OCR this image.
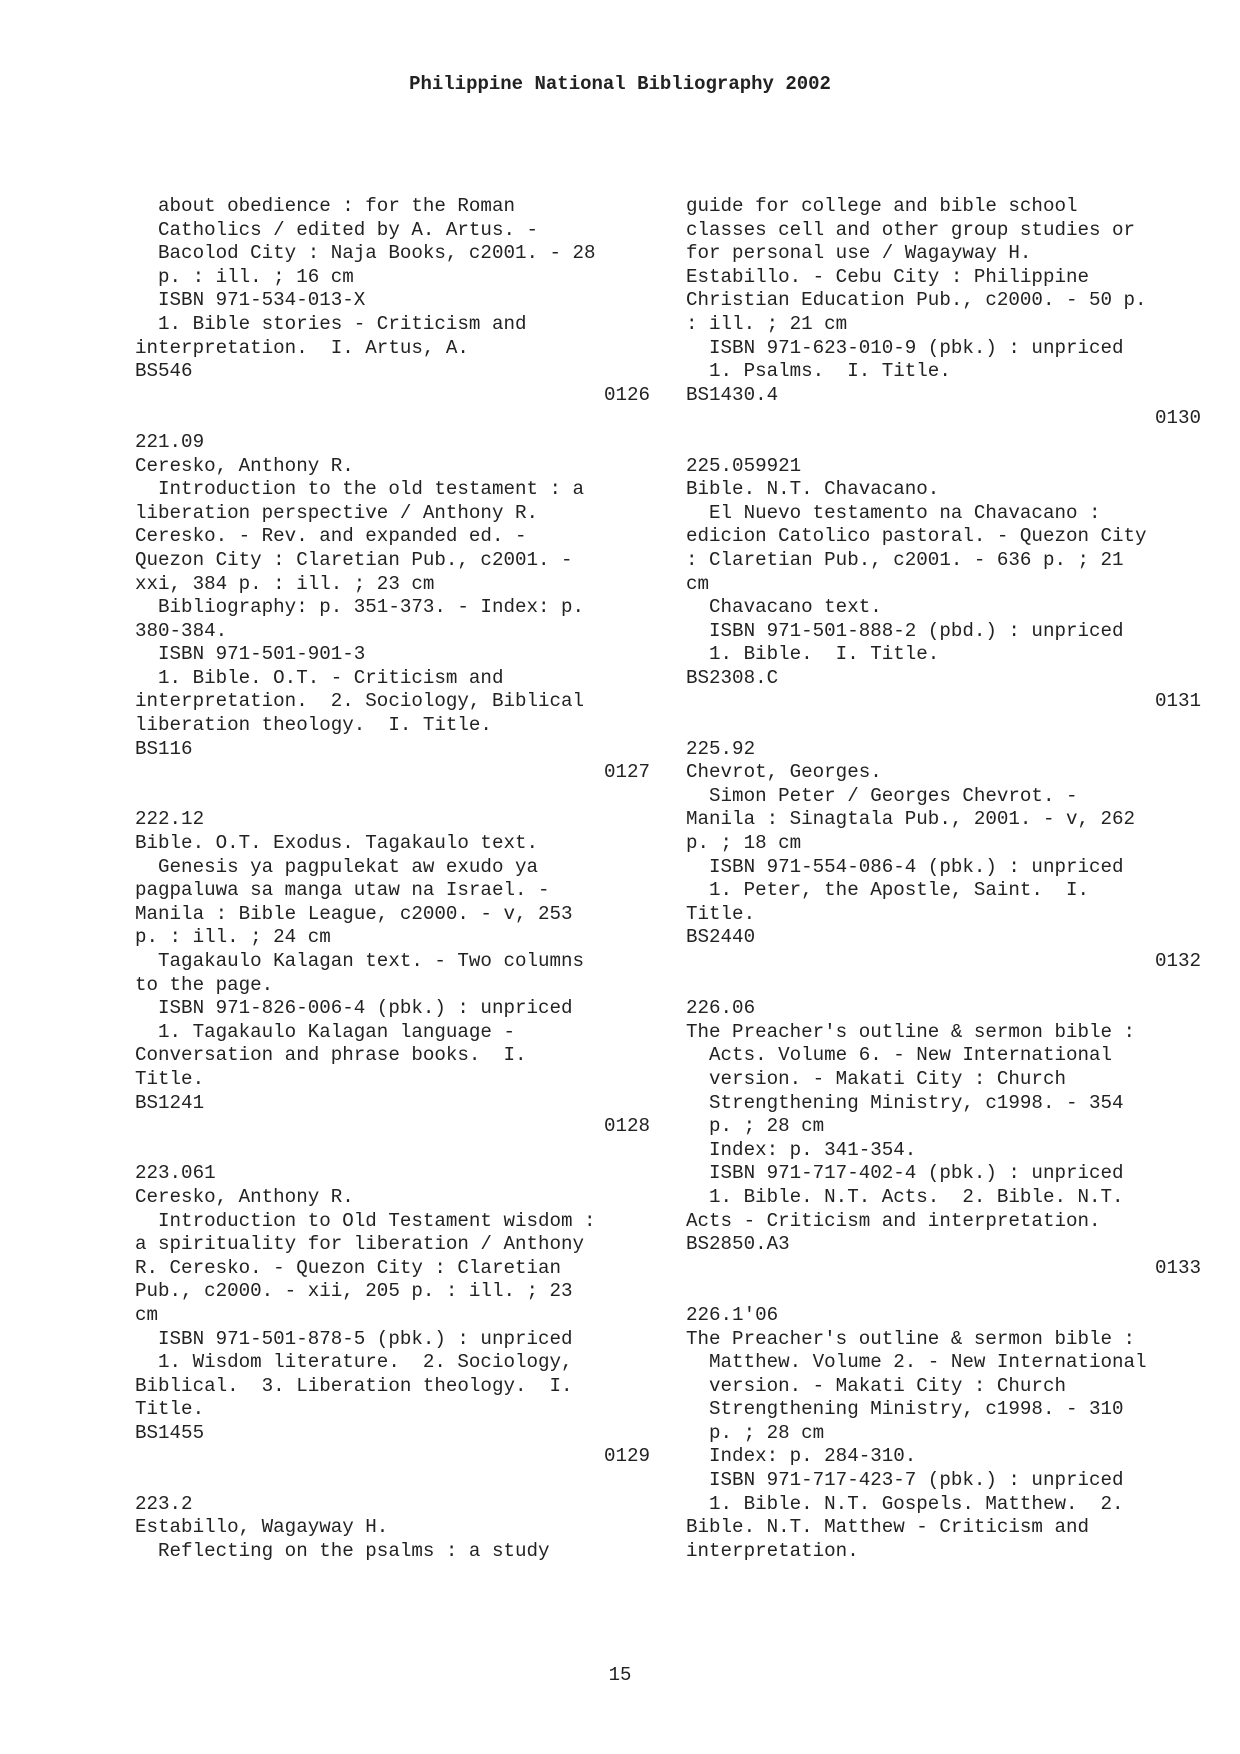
Philippine National Bibliography 2002
about obedience : for the Roman
Catholics / edited by A. Artus. -
Bacolod City : Naja Books, c2001. - 28
p. : ill. ; 16 cm
ISBN 971-534-013-X
1. Bible stories - Criticism and
interpretation.  I. Artus, A.
BS546
0126
221.09
Ceresko, Anthony R.
Introduction to the old testament : a
liberation perspective / Anthony R.
Ceresko. - Rev. and expanded ed. -
Quezon City : Claretian Pub., c2001. -
xxi, 384 p. : ill. ; 23 cm
Bibliography: p. 351-373. - Index: p.
380-384.
ISBN 971-501-901-3
1. Bible. O.T. - Criticism and
interpretation.  2. Sociology, Biblical
liberation theology.  I. Title.
BS116
0127
222.12
Bible. O.T. Exodus. Tagakaulo text.
Genesis ya pagpulekat aw exudo ya
pagpaluwa sa manga utaw na Israel. -
Manila : Bible League, c2000. - v, 253
p. : ill. ; 24 cm
Tagakaulo Kalagan text. - Two columns
to the page.
ISBN 971-826-006-4 (pbk.) : unpriced
1. Tagakaulo Kalagan language -
Conversation and phrase books.  I.
Title.
BS1241
0128
223.061
Ceresko, Anthony R.
Introduction to Old Testament wisdom :
a spirituality for liberation / Anthony
R. Ceresko. - Quezon City : Claretian
Pub., c2000. - xii, 205 p. : ill. ; 23
cm
ISBN 971-501-878-5 (pbk.) : unpriced
1. Wisdom literature.  2. Sociology,
Biblical.  3. Liberation theology.  I.
Title.
BS1455
0129
223.2
Estabillo, Wagayway H.
Reflecting on the psalms : a study
guide for college and bible school
classes cell and other group studies or
for personal use / Wagayway H.
Estabillo. - Cebu City : Philippine
Christian Education Pub., c2000. - 50 p.
: ill. ; 21 cm
ISBN 971-623-010-9 (pbk.) : unpriced
1. Psalms.  I. Title.
BS1430.4
0130
225.059921
Bible. N.T. Chavacano.
El Nuevo testamento na Chavacano :
edicion Catolico pastoral. - Quezon City
: Claretian Pub., c2001. - 636 p. ; 21
cm
Chavacano text.
ISBN 971-501-888-2 (pbd.) : unpriced
1. Bible.  I. Title.
BS2308.C
0131
225.92
Chevrot, Georges.
Simon Peter / Georges Chevrot. -
Manila : Sinagtala Pub., 2001. - v, 262
p. ; 18 cm
ISBN 971-554-086-4 (pbk.) : unpriced
1. Peter, the Apostle, Saint.  I.
Title.
BS2440
0132
226.06
The Preacher's outline & sermon bible :
Acts. Volume 6. - New International
version. - Makati City : Church
Strengthening Ministry, c1998. - 354
p. ; 28 cm
Index: p. 341-354.
ISBN 971-717-402-4 (pbk.) : unpriced
1. Bible. N.T. Acts.  2. Bible. N.T.
Acts - Criticism and interpretation.
BS2850.A3
0133
226.1'06
The Preacher's outline & sermon bible :
Matthew. Volume 2. - New International
version. - Makati City : Church
Strengthening Ministry, c1998. - 310
p. ; 28 cm
Index: p. 284-310.
ISBN 971-717-423-7 (pbk.) : unpriced
1. Bible. N.T. Gospels. Matthew.  2.
Bible. N.T. Matthew - Criticism and
interpretation.
15
